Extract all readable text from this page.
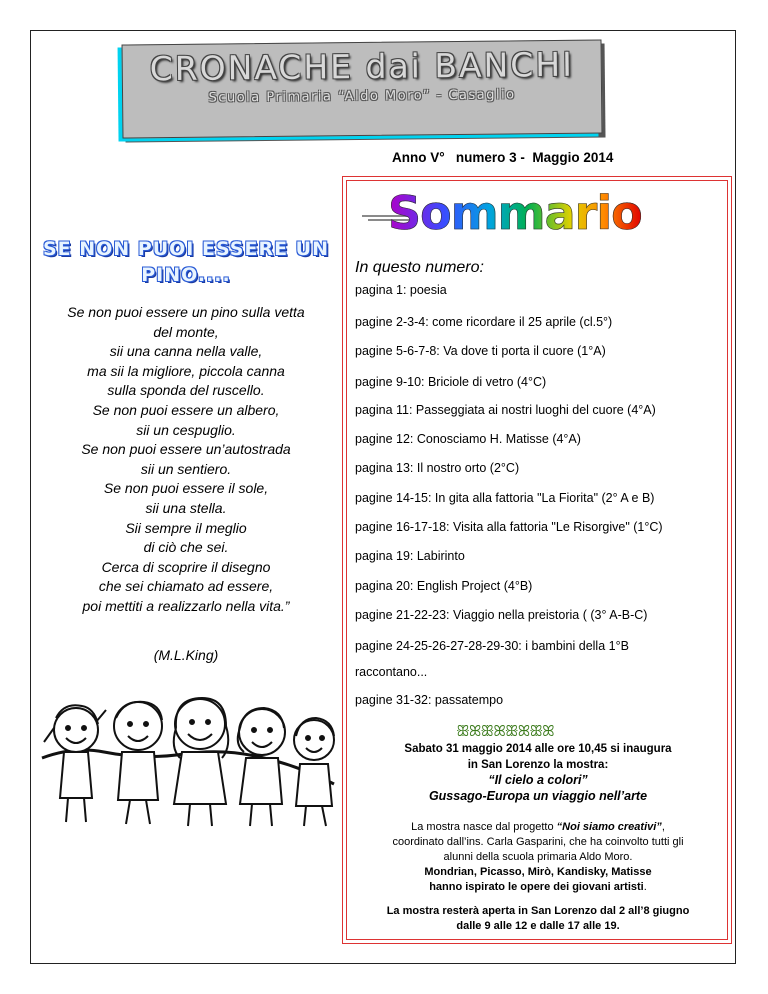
CRONACHE dai BANCHI
Scuola Primaria “Aldo Moro” - Casaglio
Anno V°   numero 3 -  Maggio 2014
SE NON PUOI ESSERE UN
PINO....
Se non puoi essere un pino sulla vetta
del monte,
sii una canna nella valle,
ma sii la migliore, piccola canna
sulla sponda del ruscello.
Se non puoi essere un albero,
sii un cespuglio.
Se non puoi essere un’autostrada
sii un sentiero.
Se non puoi essere il sole,
sii una stella.
Sii sempre il meglio
di ciò che sei.
Cerca di scoprire il disegno
che sei chiamato ad essere,
poi mettiti a realizzarlo nella vita.”
(M.L.King)
Sommario
In questo numero:
pagina 1: poesia
pagine 2-3-4: come ricordare il 25 aprile (cl.5°)
pagine 5-6-7-8: Va dove ti porta il cuore (1°A)
pagine 9-10: Briciole di vetro (4°C)
pagina 11: Passeggiata ai nostri luoghi del cuore (4°A)
pagine 12: Conosciamo H. Matisse (4°A)
pagina 13: Il nostro orto (2°C)
pagine 14-15: In gita alla fattoria "La Fiorita" (2° A e B)
pagine 16-17-18: Visita alla fattoria "Le Risorgive" (1°C)
pagina 19: Labirinto
pagina 20: English Project (4°B)
pagine 21-22-23: Viaggio nella preistoria ( (3° A-B-C)
pagine 24-25-26-27-28-29-30: i bambini della 1°B
raccontano...
pagine 31-32: passatempo
ꕥꕤꕥꕤꕥꕤꕥꕤ
Sabato 31 maggio 2014 alle ore 10,45 si inaugura
in San Lorenzo la mostra:
“Il cielo a colori”
Gussago-Europa un viaggio nell’arte
La mostra nasce dal progetto “Noi siamo creativi”,
coordinato dall’ins. Carla Gasparini, che ha coinvolto tutti gli
alunni della scuola primaria Aldo Moro.
Mondrian, Picasso, Mirò, Kandisky, Matisse
hanno ispirato le opere dei giovani artisti.
La mostra resterà aperta in San Lorenzo dal 2 all’8 giugno
dalle 9 alle 12 e dalle 17 alle 19.
